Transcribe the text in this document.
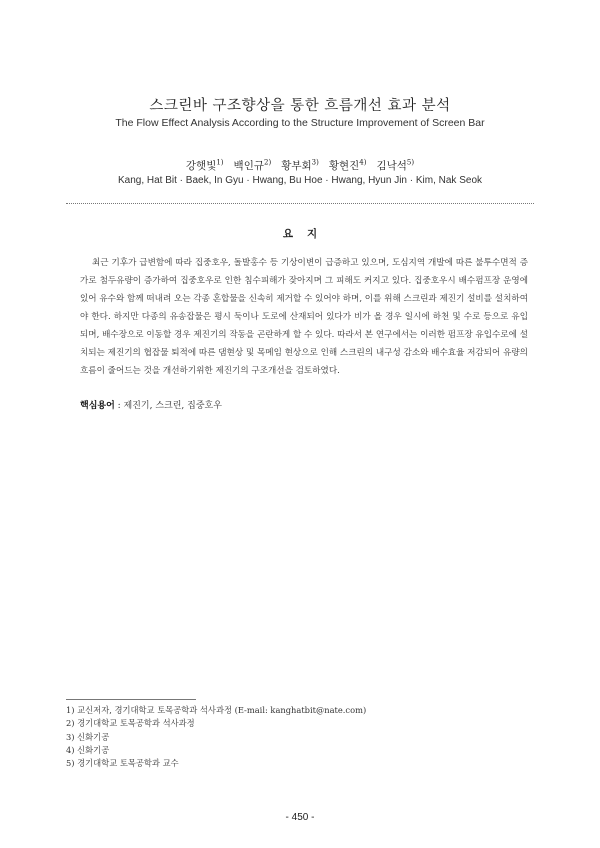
스크린바 구조향상을 통한 흐름개선 효과 분석
The Flow Effect Analysis According to the Structure Improvement of Screen Bar
강햇빛$^{1)}$ 백인규$^{2)}$ 황부회$^{3)}$ 황현진$^{4)}$ 김낙석$^{5)}$
Kang, Hat Bit · Baek, In Gyu · Hwang, Bu Hoe · Hwang, Hyun Jin · Kim, Nak Seok
요지
최근 기후가 급변함에 따라 집중호우, 돌발홍수 등 기상이변이 급증하고 있으며, 도심지역 개발에 따른 불투수면적 증가로 첨두유량이 증가하여 집중호우로 인한 침수피해가 잦아지며 그 피해도 커지고 있다. 집중호우시 배수펌프장 운영에 있어 유수와 함께 떠내려 오는 각종 혼합물을 신속히 제거할 수 있어야 하며, 이를 위해 스크린과 제진기 설비를 설치하여야 한다. 하지만 다종의 유송잡물은 평시 둑이나 도로에 산재되어 있다가 비가 올 경우 일시에 하천 및 수로 등으로 유입되며, 배수장으로 이동할 경우 제진기의 작동을 곤란하게 할 수 있다. 따라서 본 연구에서는 이러한 펌프장 유입수로에 설치되는 제진기의 협잡물 퇴적에 따른 댐현상 및 목메임 현상으로 인해 스크린의 내구성 감소와 배수효율 저감되어 유량의 흐름이 줄어드는 것을 개선하기위한 제진기의 구조개선을 검토하였다.
핵심용어 : 제진기, 스크린, 집중호우
1) 교신저자, 경기대학교 토목공학과 석사과정 (E-mail: kanghatbit@nate.com)
2) 경기대학교 토목공학과 석사과정
3) 신화기공
4) 신화기공
5) 경기대학교 토목공학과 교수
- 450 -
